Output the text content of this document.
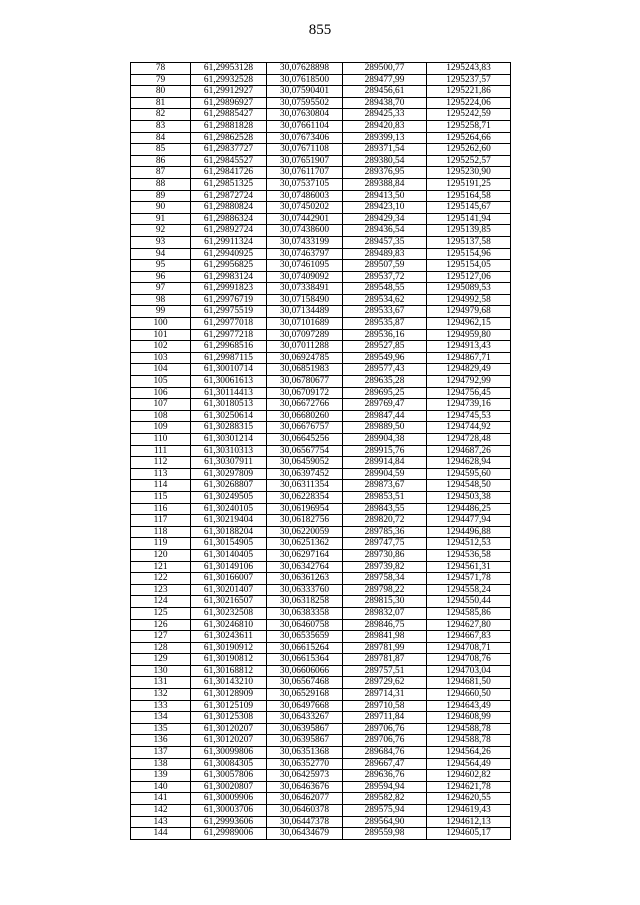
855
78	61,29953128	30,07628898	289500,77	1295243,83
79	61,29932528	30,07618500	289477,99	1295237,57
80	61,29912927	30,07590401	289456,61	1295221,86
81	61,29896927	30,07595502	289438,70	1295224,06
82	61,29885427	30,07630804	289425,33	1295242,59
83	61,29881828	30,07661104	289420,83	1295258,71
84	61,29862528	30,07673406	289399,13	1295264,66
85	61,29837727	30,07671108	289371,54	1295262,60
86	61,29845527	30,07651907	289380,54	1295252,57
87	61,29841726	30,07611707	289376,95	1295230,90
88	61,29851325	30,07537105	289388,84	1295191,25
89	61,29872724	30,07486003	289413,50	1295164,58
90	61,29880824	30,07450202	289423,10	1295145,67
91	61,29886324	30,07442901	289429,34	1295141,94
92	61,29892724	30,07438600	289436,54	1295139,85
93	61,29911324	30,07433199	289457,35	1295137,58
94	61,29940925	30,07463797	289489,83	1295154,96
95	61,29956825	30,07461095	289507,59	1295154,05
96	61,29983124	30,07409092	289537,72	1295127,06
97	61,29991823	30,07338491	289548,55	1295089,53
98	61,29976719	30,07158490	289534,62	1294992,58
99	61,29975519	30,07134489	289533,67	1294979,68
100	61,29977018	30,07101689	289535,87	1294962,15
101	61,29977218	30,07097289	289536,16	1294959,80
102	61,29968516	30,07011288	289527,85	1294913,43
103	61,29987115	30,06924785	289549,96	1294867,71
104	61,30010714	30,06851983	289577,43	1294829,49
105	61,30061613	30,06780677	289635,28	1294792,99
106	61,30114413	30,06709172	289695,25	1294756,45
107	61,30180513	30,06672766	289769,47	1294739,16
108	61,30250614	30,06680260	289847,44	1294745,53
109	61,30288315	30,06676757	289889,50	1294744,92
110	61,30301214	30,06645256	289904,38	1294728,48
111	61,30310313	30,06567754	289915,76	1294687,26
112	61,30307911	30,06459052	289914,84	1294628,94
113	61,30297809	30,06397452	289904,59	1294595,60
114	61,30268807	30,06311354	289873,67	1294548,50
115	61,30249505	30,06228354	289853,51	1294503,38
116	61,30240105	30,06196954	289843,55	1294486,25
117	61,30219404	30,06182756	289820,72	1294477,94
118	61,30188204	30,06220059	289785,36	1294496,88
119	61,30154905	30,06251362	289747,75	1294512,53
120	61,30140405	30,06297164	289730,86	1294536,58
121	61,30149106	30,06342764	289739,82	1294561,31
122	61,30166007	30,06361263	289758,34	1294571,78
123	61,30201407	30,06333760	289798,22	1294558,24
124	61,30216507	30,06318258	289815,30	1294550,44
125	61,30232508	30,06383358	289832,07	1294585,86
126	61,30246810	30,06460758	289846,75	1294627,80
127	61,30243611	30,06535659	289841,98	1294667,83
128	61,30190912	30,06615264	289781,99	1294708,71
129	61,30190812	30,06615364	289781,87	1294708,76
130	61,30168812	30,06606066	289757,51	1294703,04
131	61,30143210	30,06567468	289729,62	1294681,50
132	61,30128909	30,06529168	289714,31	1294660,50
133	61,30125109	30,06497668	289710,58	1294643,49
134	61,30125308	30,06433267	289711,84	1294608,99
135	61,30120207	30,06395867	289706,76	1294588,78
136	61,30120207	30,06395867	289706,76	1294588,78
137	61,30099806	30,06351368	289684,76	1294564,26
138	61,30084305	30,06352770	289667,47	1294564,49
139	61,30057806	30,06425973	289636,76	1294602,82
140	61,30020807	30,06463676	289594,94	1294621,78
141	61,30009906	30,06462077	289582,82	1294620,55
142	61,30003706	30,06460378	289575,94	1294619,43
143	61,29993606	30,06447378	289564,90	1294612,13
144	61,29989006	30,06434679	289559,98	1294605,17
